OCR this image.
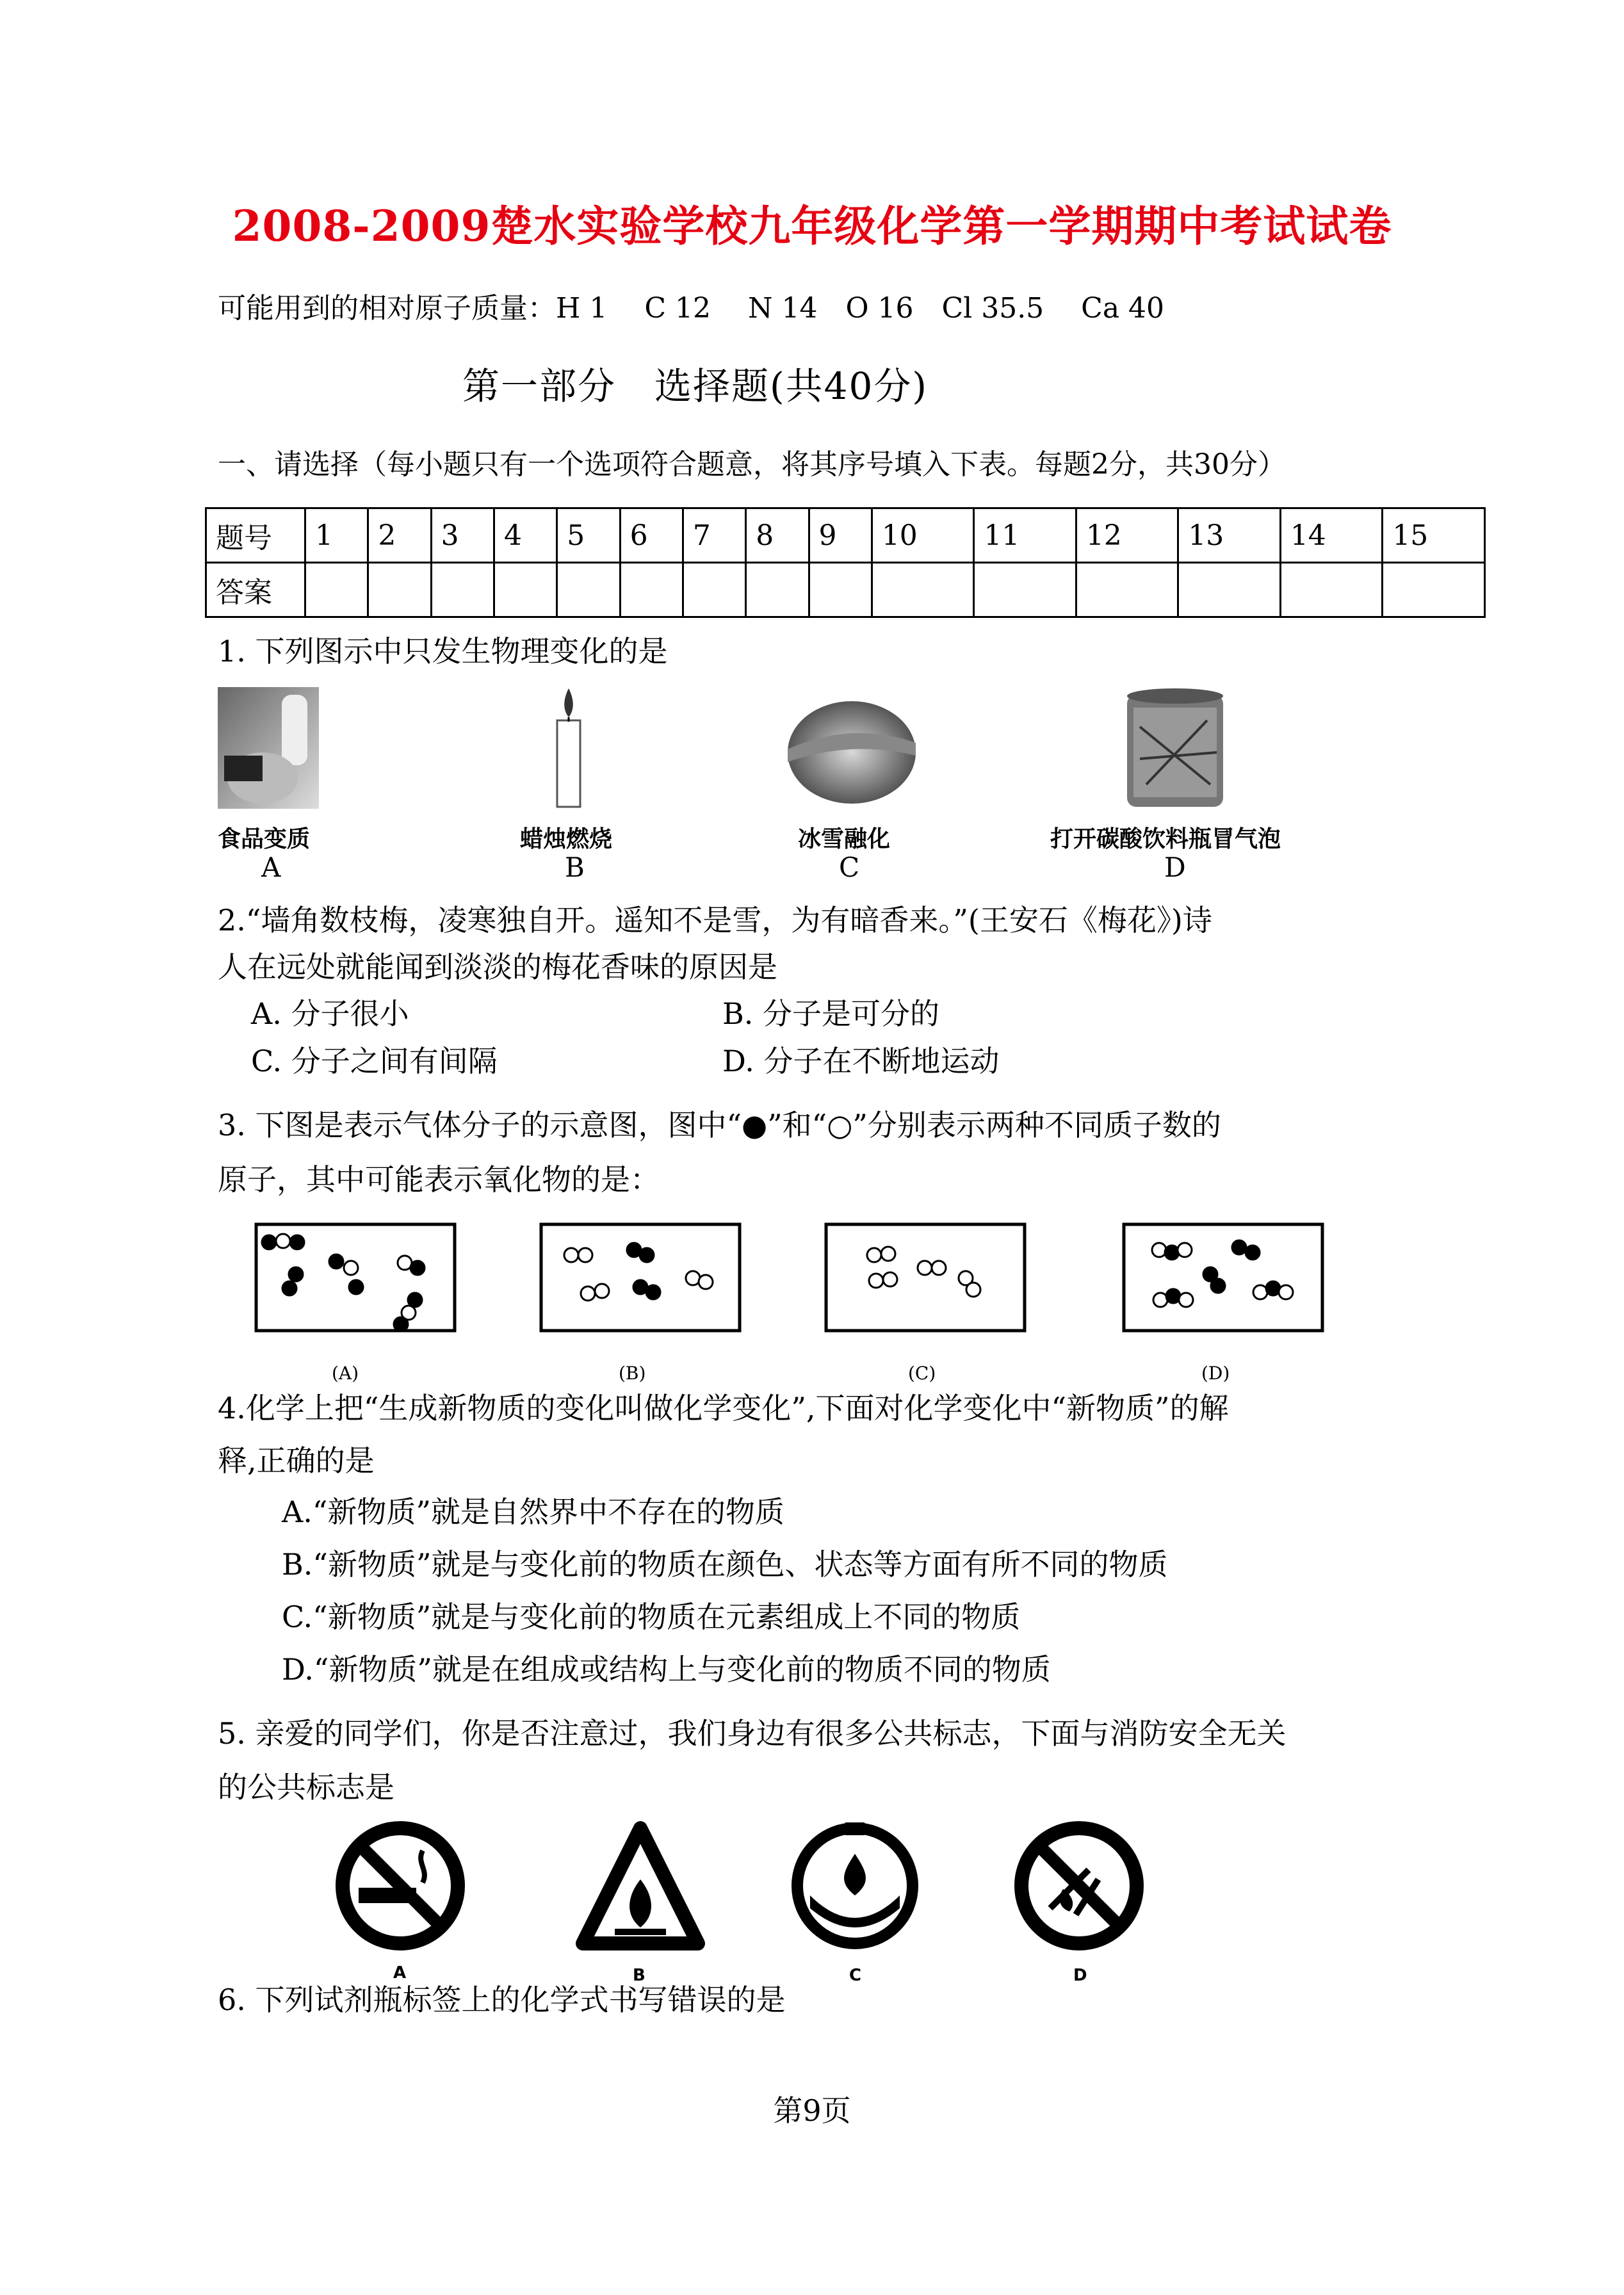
2008-2009楚水实验学校九年级化学第一学期期中考试试卷
可能用到的相对原子质量：H 1　 C 12　 N 14　O 16　Cl 35.5　 Ca 40
第一部分　选择题(共40分)
一、请选择（每小题只有一个选项符合题意，将其序号填入下表。每题2分，共30分）
题号	1	2	3	4	5	6	7	8	9	10	11	12	13	14	15
答案															
1. 下列图示中只发生物理变化的是
食品变质	蜡烛燃烧	冰雪融化	打开碳酸饮料瓶冒气泡
A	B	C	D
2.“墙角数枝梅，凌寒独自开。遥知不是雪，为有暗香来。”(王安石《梅花》)诗
人在远处就能闻到淡淡的梅花香味的原因是
A. 分子很小	B. 分子是可分的
C. 分子之间有间隔	D. 分子在不断地运动
3. 下图是表示气体分子的示意图，图中“●”和“○”分别表示两种不同质子数的
原子，其中可能表示氧化物的是：
(A)	(B)	(C)	(D)
4.化学上把“生成新物质的变化叫做化学变化”,下面对化学变化中“新物质”的解
释,正确的是
A.“新物质”就是自然界中不存在的物质
B.“新物质”就是与变化前的物质在颜色、状态等方面有所不同的物质
C.“新物质”就是与变化前的物质在元素组成上不同的物质
D.“新物质”就是在组成或结构上与变化前的物质不同的物质
5. 亲爱的同学们，你是否注意过，我们身边有很多公共标志，下面与消防安全无关
的公共标志是
A	B	C	D
6. 下列试剂瓶标签上的化学式书写错误的是
第9页
